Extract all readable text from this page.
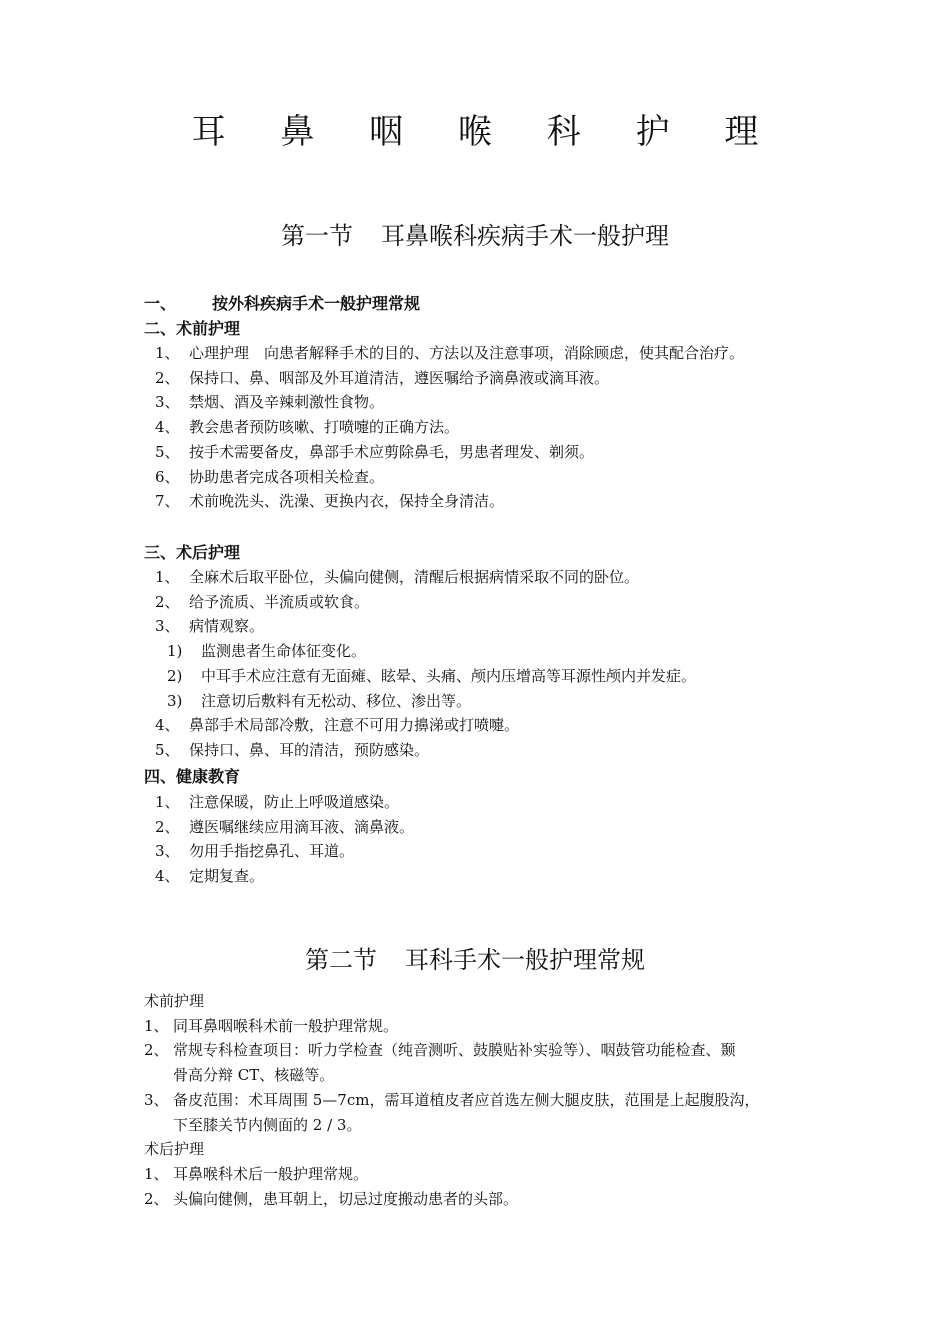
耳 鼻 咽 喉 科 护 理
第一节 耳鼻喉科疾病手术一般护理
一、 按外科疾病手术一般护理常规
二、术前护理
1、 心理护理　向患者解释手术的目的、方法以及注意事项，消除顾虑，使其配合治疗。
2、 保持口、鼻、咽部及外耳道清洁，遵医嘱给予滴鼻液或滴耳液。
3、 禁烟、酒及辛辣刺激性食物。
4、 教会患者预防咳嗽、打喷嚏的正确方法。
5、 按手术需要备皮，鼻部手术应剪除鼻毛，男患者理发、剃须。
6、 协助患者完成各项相关检查。
7、 术前晚洗头、洗澡、更换内衣，保持全身清洁。
三、术后护理
1、 全麻术后取平卧位，头偏向健侧，清醒后根据病情采取不同的卧位。
2、 给予流质、半流质或软食。
3、 病情观察。
1) 监测患者生命体征变化。
2) 中耳手术应注意有无面瘫、眩晕、头痛、颅内压增高等耳源性颅内并发症。
3) 注意切后敷料有无松动、移位、渗出等。
4、 鼻部手术局部冷敷，注意不可用力擤涕或打喷嚏。
5、 保持口、鼻、耳的清洁，预防感染。
四、健康教育
1、 注意保暖，防止上呼吸道感染。
2、 遵医嘱继续应用滴耳液、滴鼻液。
3、 勿用手指挖鼻孔、耳道。
4、 定期复查。
第二节 耳科手术一般护理常规
术前护理
1、 同耳鼻咽喉科术前一般护理常规。
2、 常规专科检查项目：听力学检查（纯音测听、鼓膜贴补实验等）、咽鼓管功能检查、颞
骨高分辩 CT、核磁等。
3、 备皮范围：术耳周围 5—7cm，需耳道植皮者应首选左侧大腿皮肤，范围是上起腹股沟，
下至膝关节内侧面的 2 / 3。
术后护理
1、 耳鼻喉科术后一般护理常规。
2、 头偏向健侧，患耳朝上，切忌过度搬动患者的头部。
